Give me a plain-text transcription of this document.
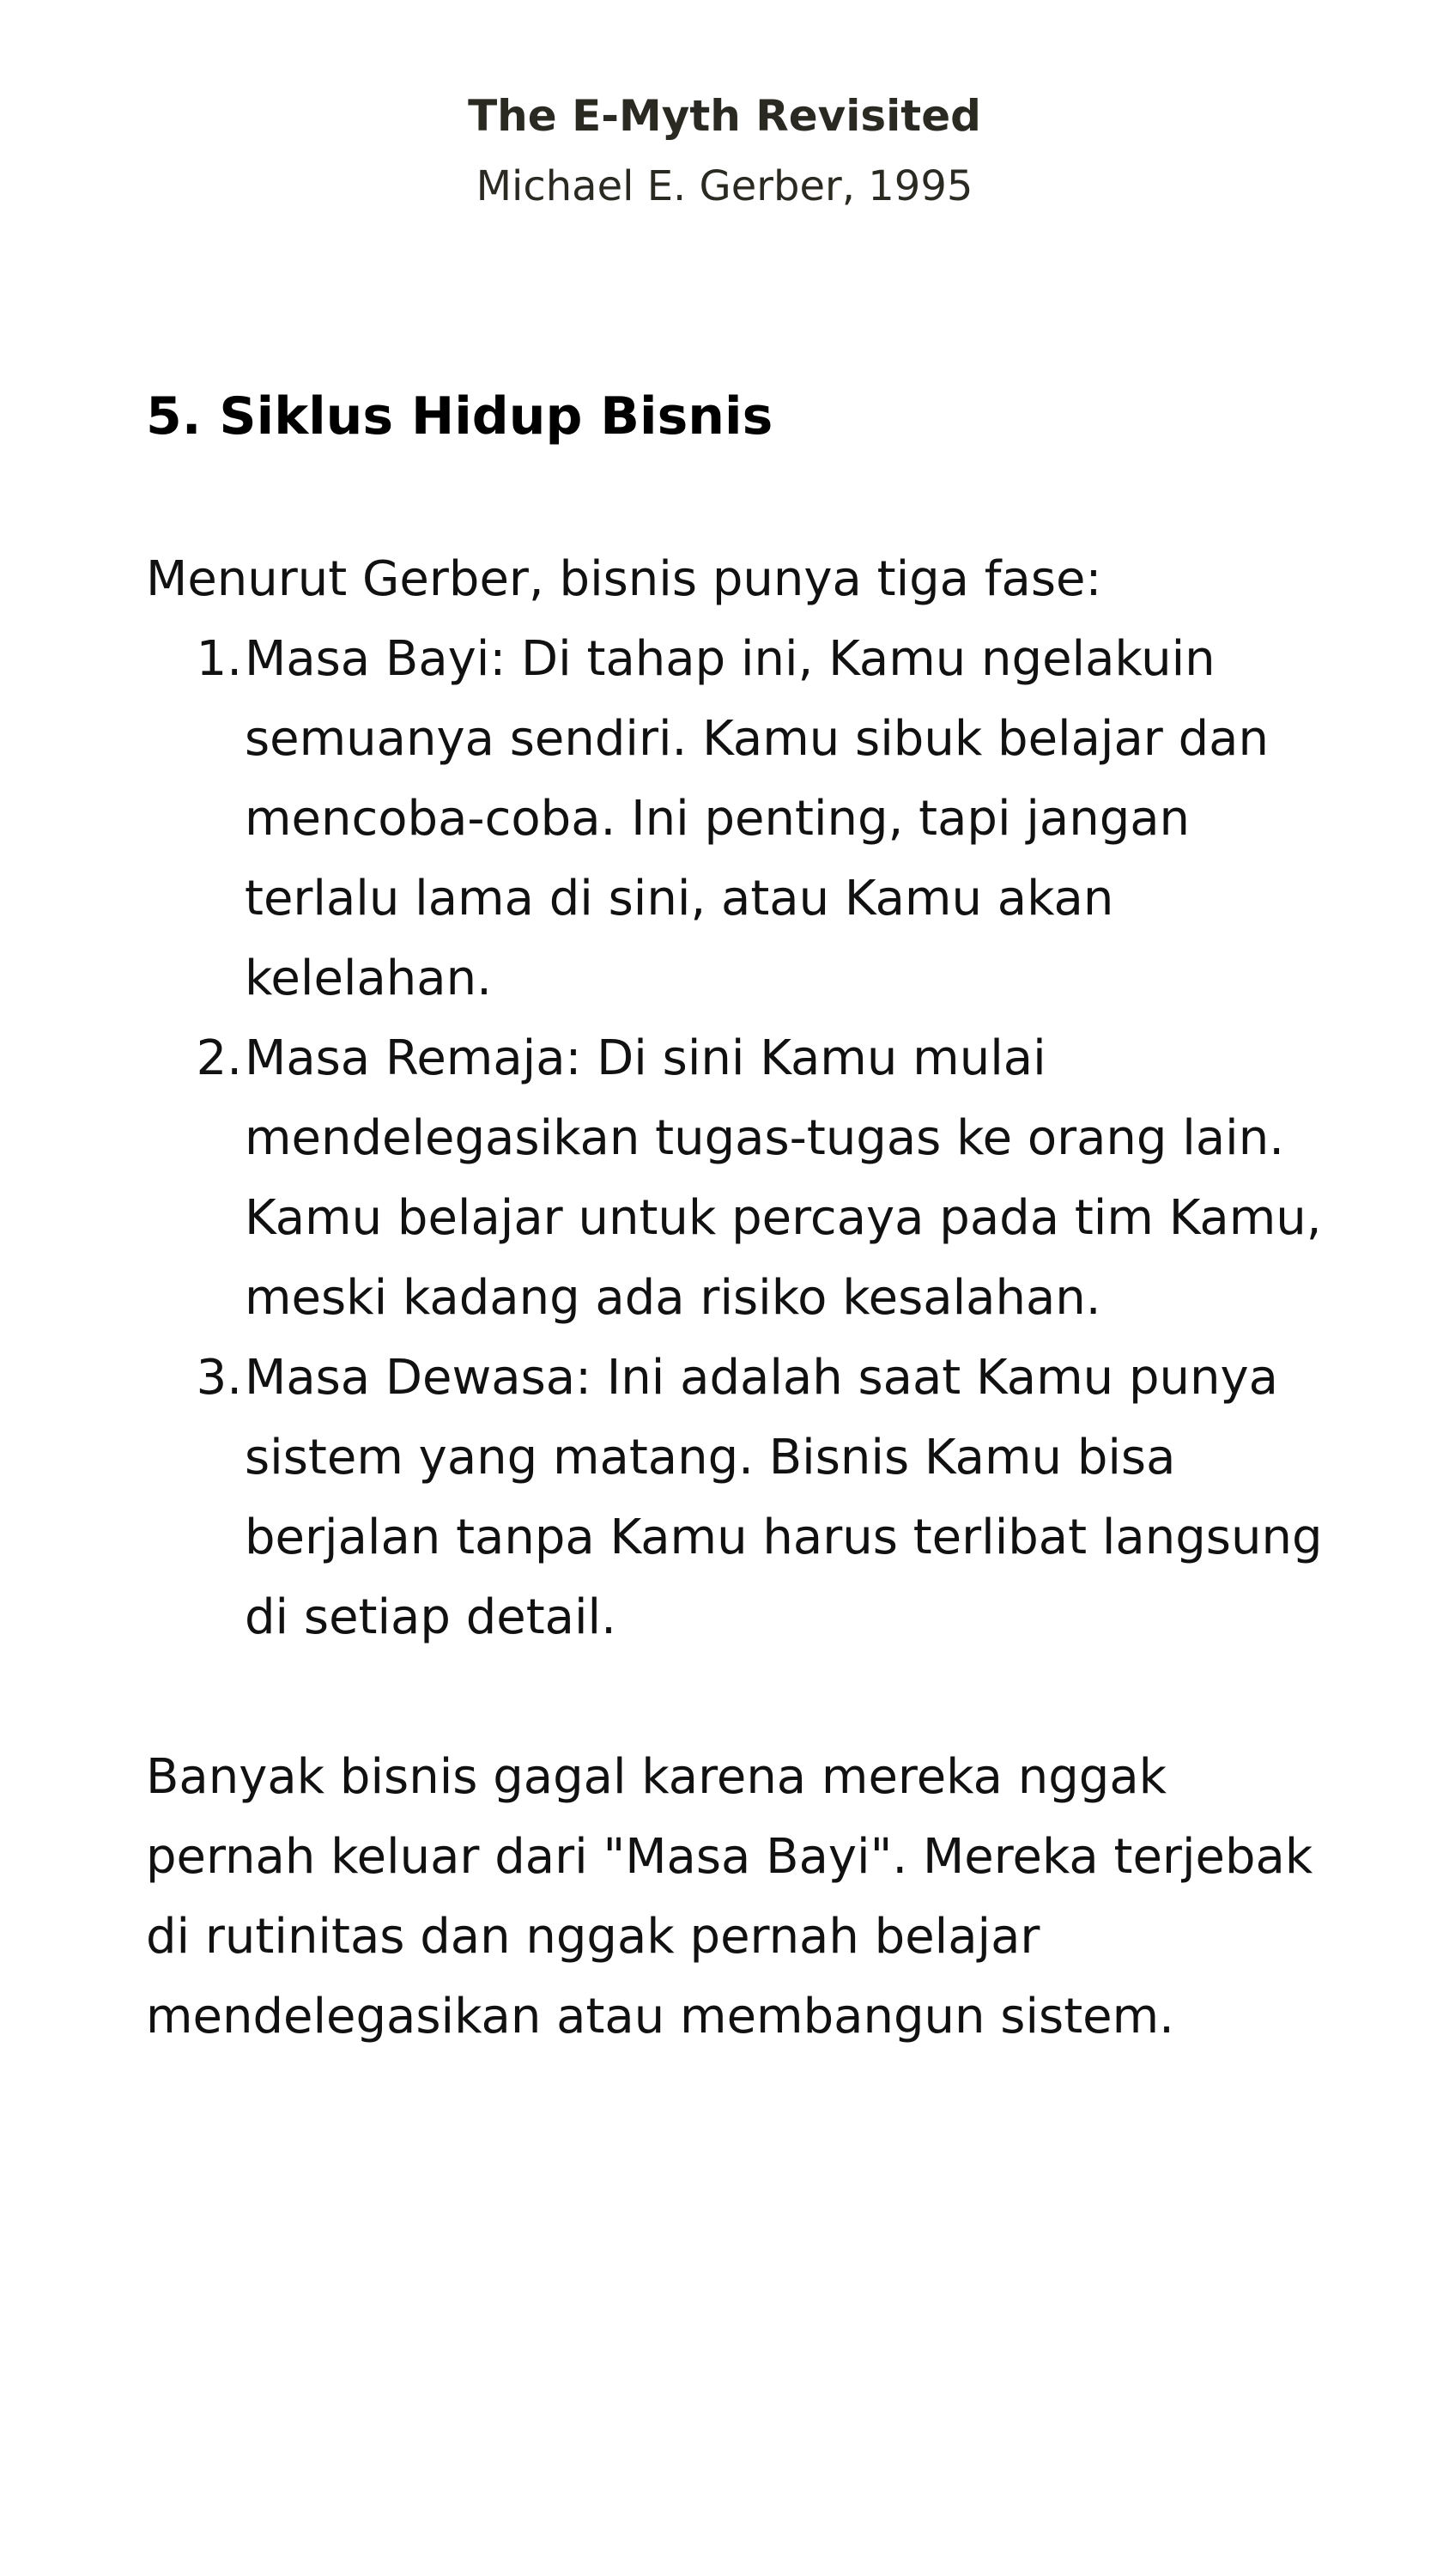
The E-Myth Revisited

Michael E. Gerber, 1995

5. Siklus Hidup Bisnis

Menurut Gerber, bisnis punya tiga fase:

1. Masa Bayi: Di tahap ini, Kamu ngelakuin semuanya sendiri. Kamu sibuk belajar dan mencoba-coba. Ini penting, tapi jangan terlalu lama di sini, atau Kamu akan kelelahan.
2. Masa Remaja: Di sini Kamu mulai mendelegasikan tugas-tugas ke orang lain. Kamu belajar untuk percaya pada tim Kamu, meski kadang ada risiko kesalahan.
3. Masa Dewasa: Ini adalah saat Kamu punya sistem yang matang. Bisnis Kamu bisa berjalan tanpa Kamu harus terlibat langsung di setiap detail.

Banyak bisnis gagal karena mereka nggak pernah keluar dari "Masa Bayi". Mereka terjebak di rutinitas dan nggak pernah belajar mendelegasikan atau membangun sistem.
